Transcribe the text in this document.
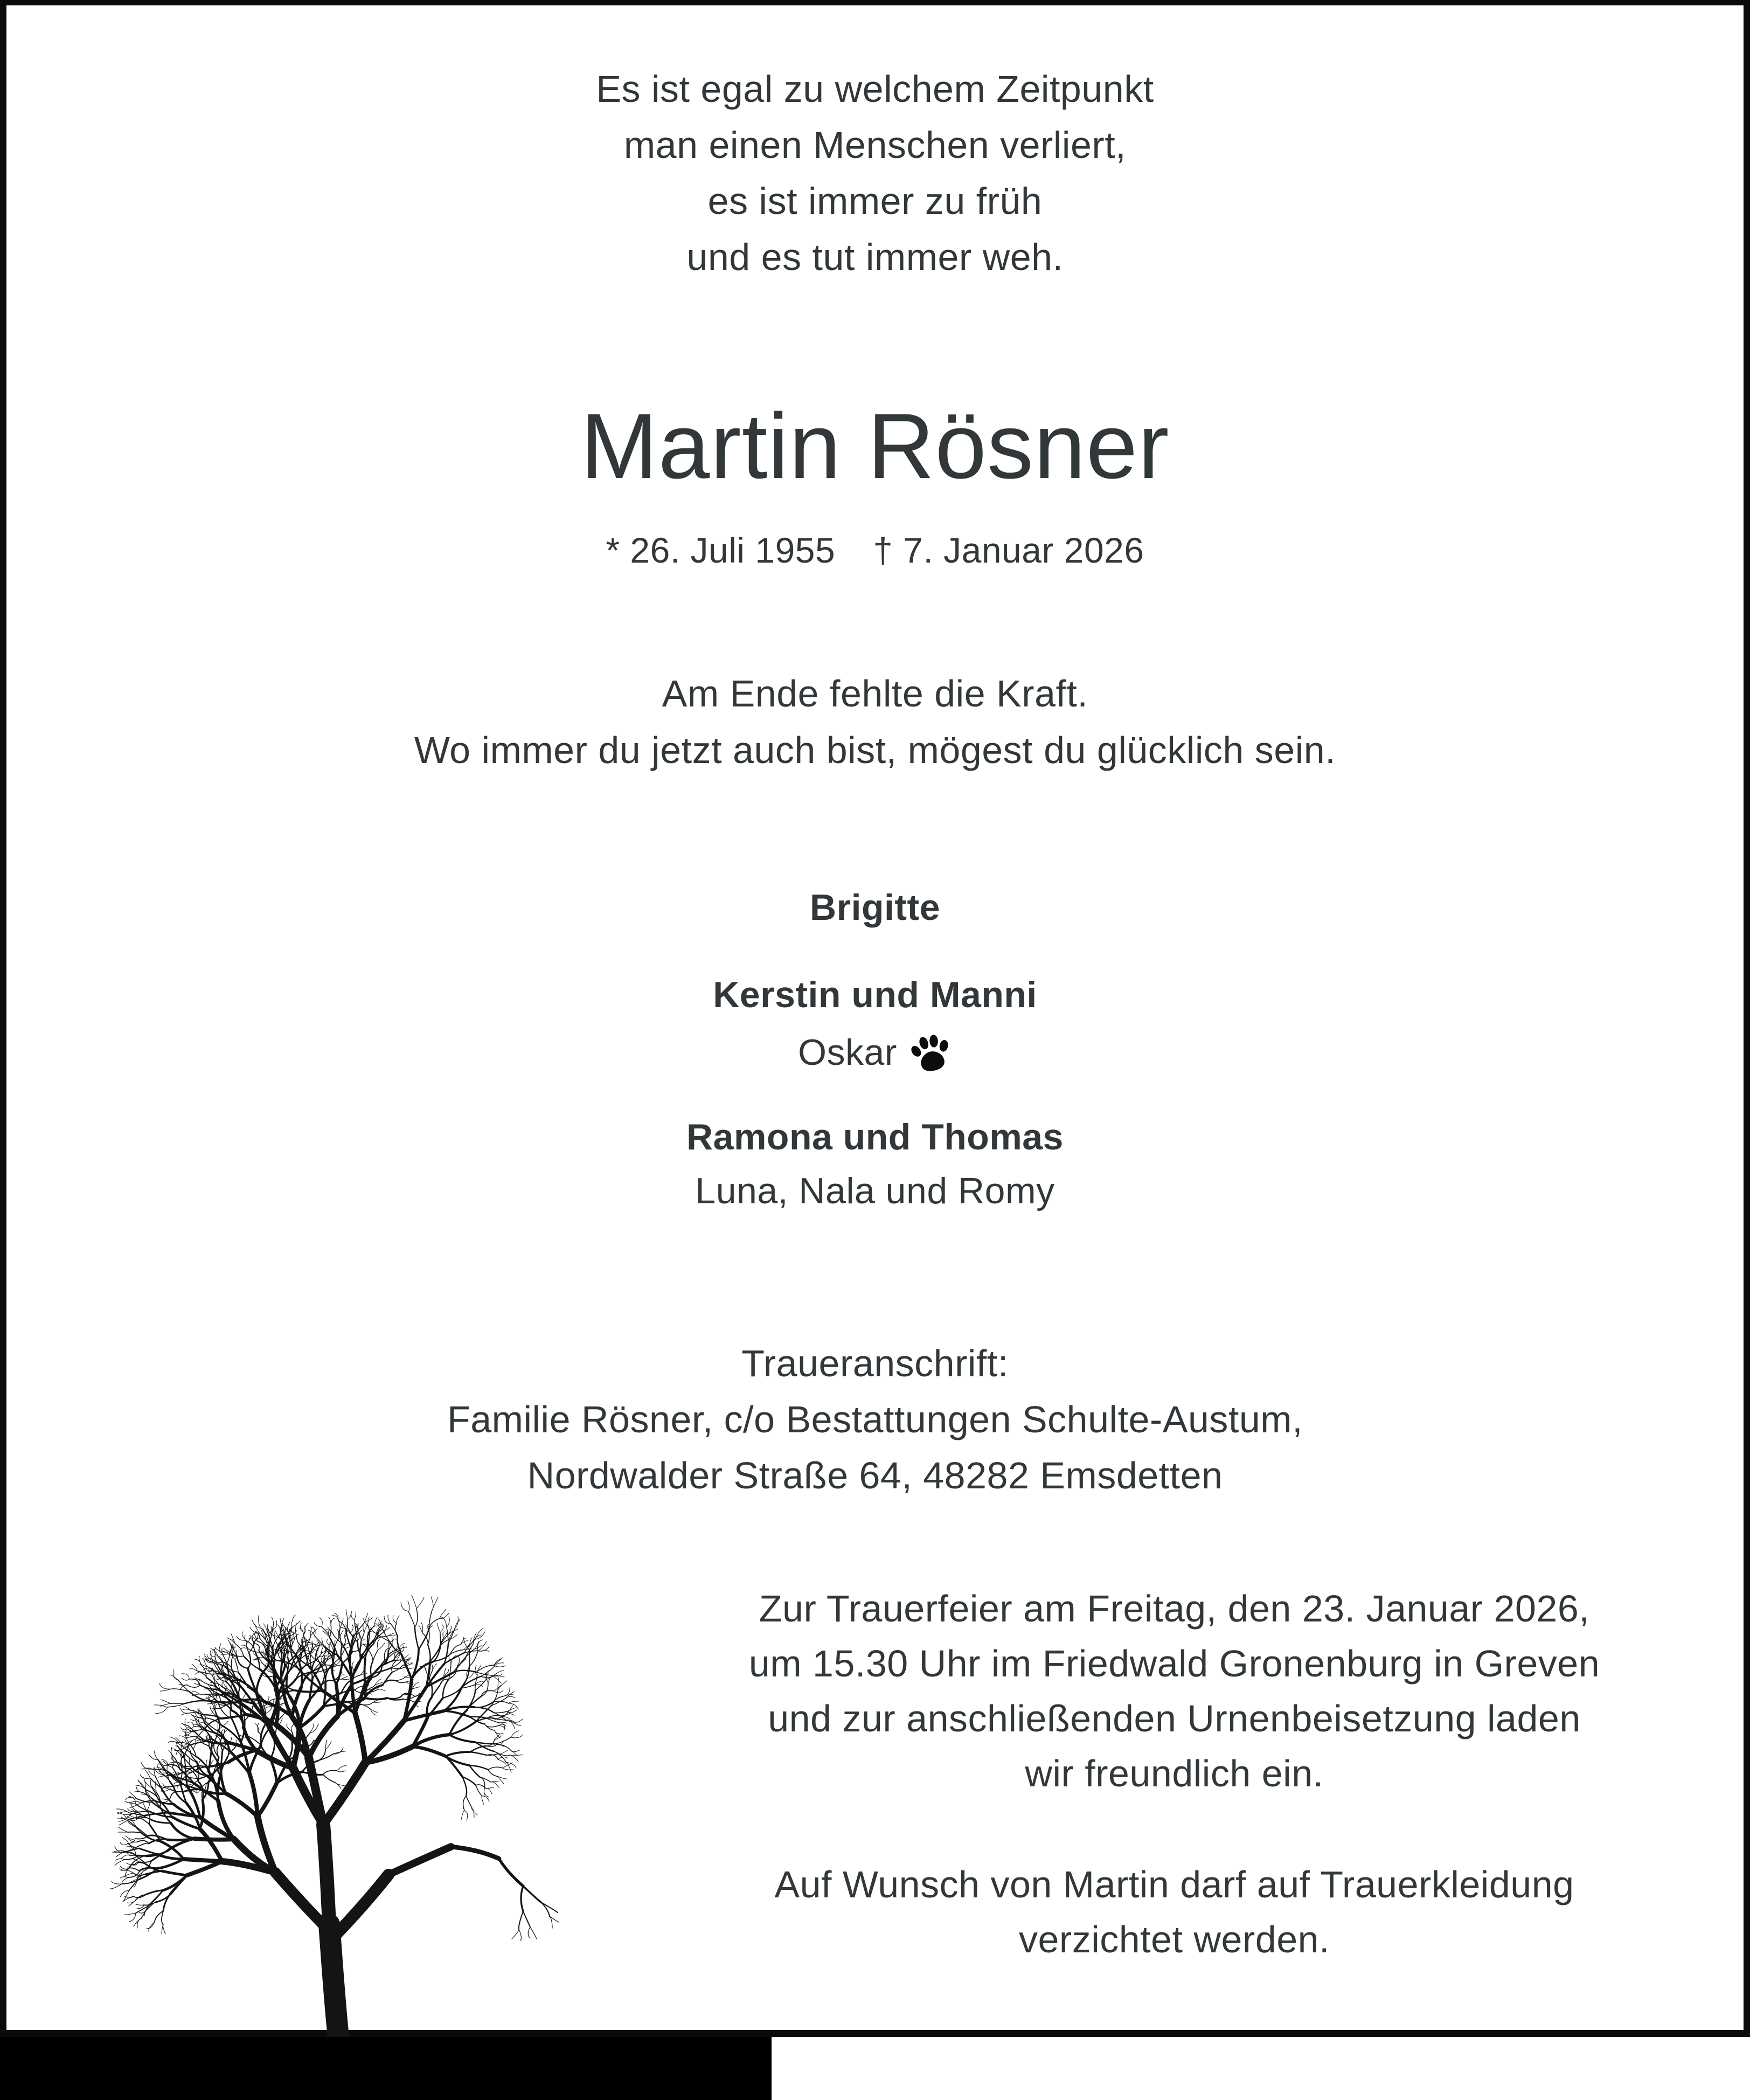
Es ist egal zu welchem Zeitpunkt
man einen Menschen verliert,
es ist immer zu früh
und es tut immer weh.
Martin Rösner
* 26. Juli 1955 † 7. Januar 2026
Am Ende fehlte die Kraft.
Wo immer du jetzt auch bist, mögest du glücklich sein.
Brigitte
Kerstin und Manni
Oskar
Ramona und Thomas
Luna, Nala und Romy
Traueranschrift:
Familie Rösner, c/o Bestattungen Schulte-Austum,
Nordwalder Straße 64, 48282 Emsdetten
Zur Trauerfeier am Freitag, den 23. Januar 2026,
um 15.30 Uhr im Friedwald Gronenburg in Greven
und zur anschließenden Urnenbeisetzung laden
wir freundlich ein.
Auf Wunsch von Martin darf auf Trauerkleidung
verzichtet werden.
